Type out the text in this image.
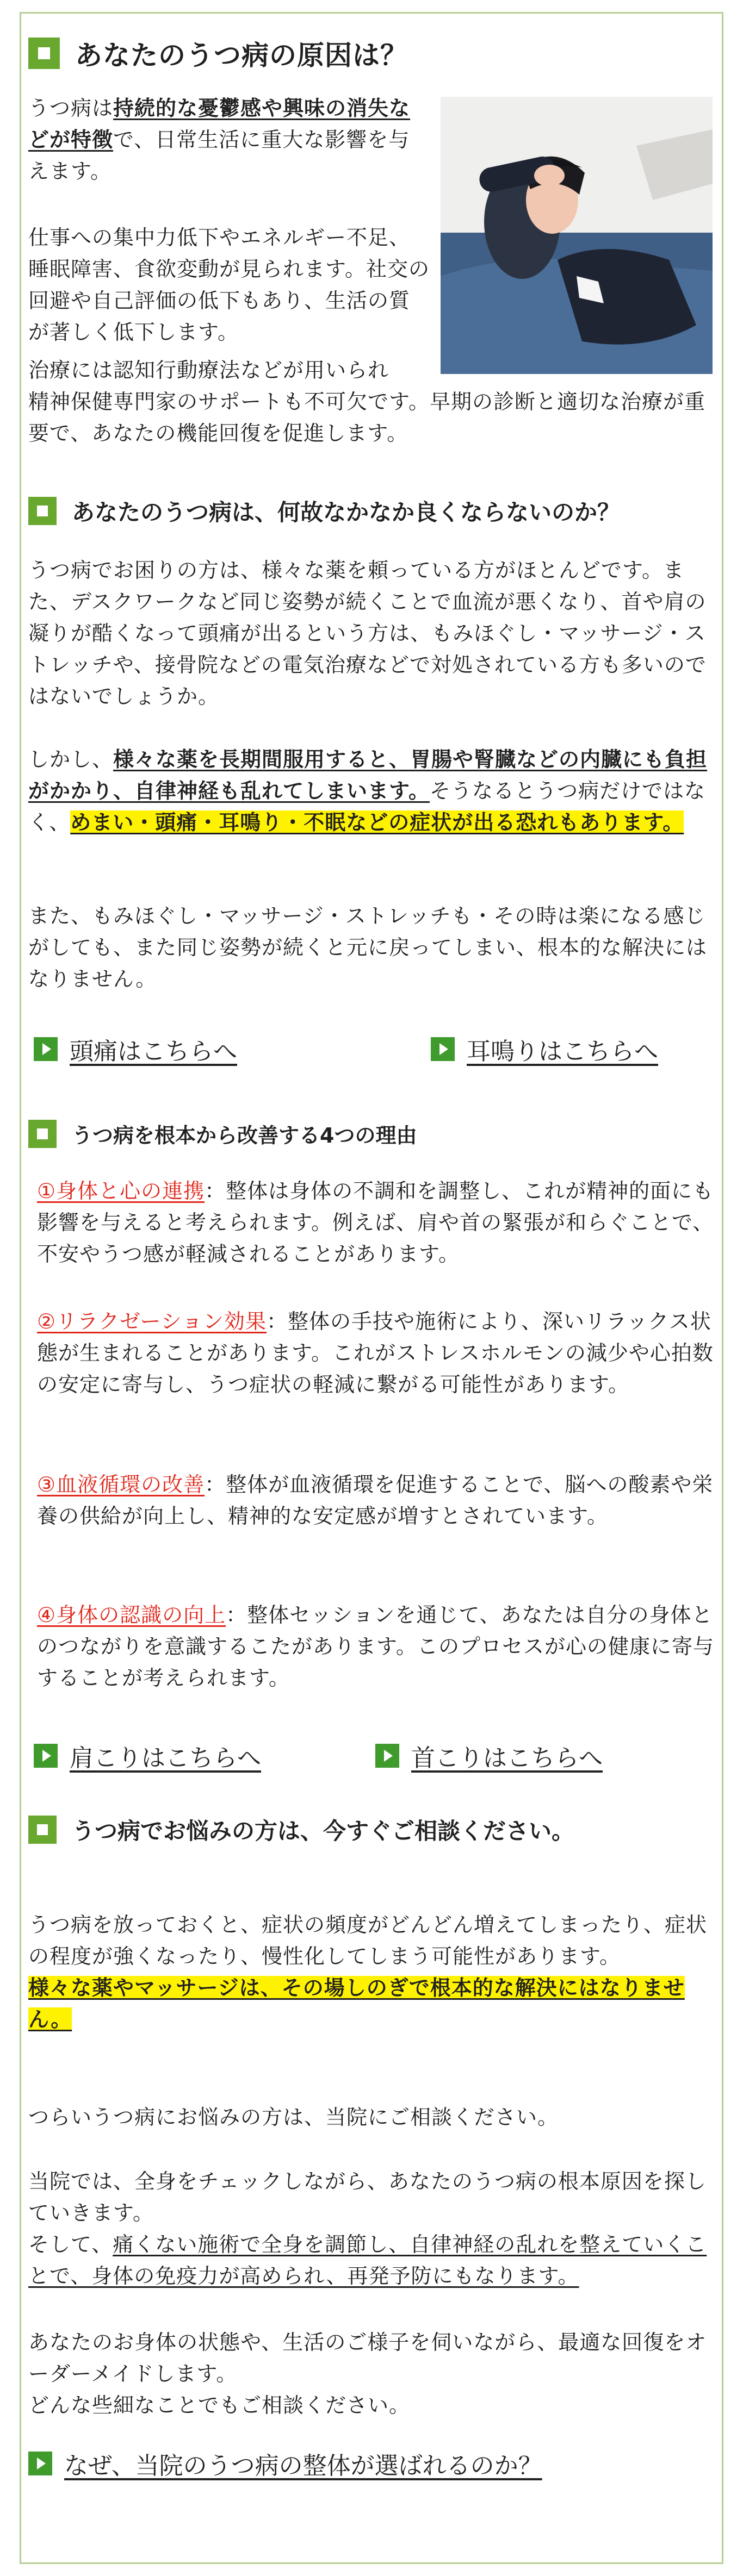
あなたのうつ病の原因は？
うつ病は持続的な憂鬱感や興味の消失などが特徴で、日常生活に重大な影響を与えます。
仕事への集中力低下やエネルギー不足、睡眠障害、食欲変動が見られます。社交の回避や自己評価の低下もあり、生活の質が著しく低下します。
治療には認知行動療法などが用いられ
精神保健専門家のサポートも不可欠です。早期の診断と適切な治療が重要で、あなたの機能回復を促進します。
あなたのうつ病は、何故なかなか良くならないのか？
うつ病でお困りの方は、様々な薬を頼っている方がほとんどです。また、デスクワークなど同じ姿勢が続くことで血流が悪くなり、首や肩の凝りが酷くなって頭痛が出るという方は、もみほぐし・マッサージ・ストレッチや、接骨院などの電気治療などで対処されている方も多いのではないでしょうか。
しかし、様々な薬を長期間服用すると、胃腸や腎臓などの内臓にも負担がかかり、自律神経も乱れてしまいます。そうなるとうつ病だけではなく、めまい・頭痛・耳鳴り・不眠などの症状が出る恐れもあります。
また、もみほぐし・マッサージ・ストレッチも・その時は楽になる感じがしても、また同じ姿勢が続くと元に戻ってしまい、根本的な解決にはなりません。
頭痛はこちらへ	耳鳴りはこちらへ
うつ病を根本から改善する4つの理由
①身体と心の連携：整体は身体の不調和を調整し、これが精神的面にも影響を与えると考えられます。例えば、肩や首の緊張が和らぐことで、不安やうつ感が軽減されることがあります。
②リラクゼーション効果：整体の手技や施術により、深いリラックス状態が生まれることがあります。これがストレスホルモンの減少や心拍数の安定に寄与し、うつ症状の軽減に繋がる可能性があります。
③血液循環の改善：整体が血液循環を促進することで、脳への酸素や栄養の供給が向上し、精神的な安定感が増すとされています。
④身体の認識の向上：整体セッションを通じて、あなたは自分の身体とのつながりを意識するこたがあります。このプロセスが心の健康に寄与することが考えられます。
肩こりはこちらへ	首こりはこちらへ
うつ病でお悩みの方は、今すぐご相談ください。
うつ病を放っておくと、症状の頻度がどんどん増えてしまったり、症状の程度が強くなったり、慢性化してしまう可能性があります。
様々な薬やマッサージは、その場しのぎで根本的な解決にはなりません。
つらいうつ病にお悩みの方は、当院にご相談ください。
当院では、全身をチェックしながら、あなたのうつ病の根本原因を探していきます。
そして、痛くない施術で全身を調節し、自律神経の乱れを整えていくことで、身体の免疫力が高められ、再発予防にもなります。
あなたのお身体の状態や、生活のご様子を伺いながら、最適な回復をオーダーメイドします。
どんな些細なことでもご相談ください。
なぜ、当院のうつ病の整体が選ばれるのか？
